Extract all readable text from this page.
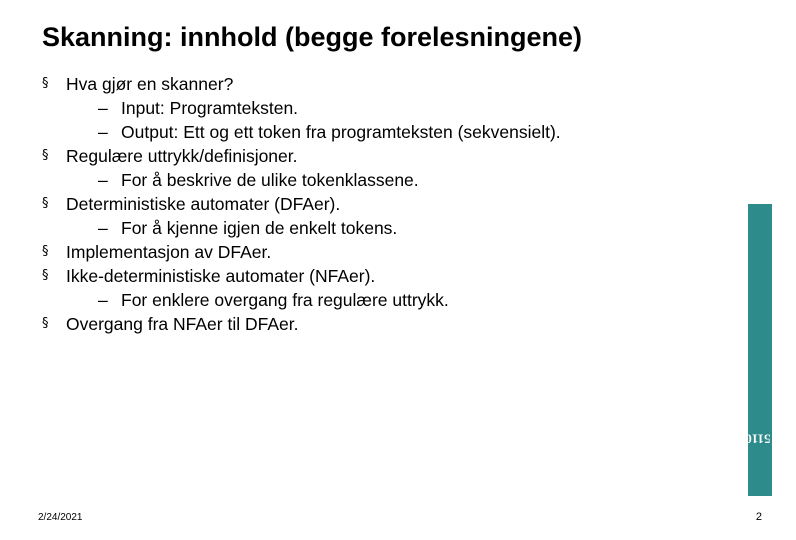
Skanning: innhold (begge forelesningene)
§ Hva gjør en skanner?
– Input: Programteksten.
– Output: Ett og ett token fra programteksten (sekvensielt).
§ Regulære uttrykk/definisjoner.
– For å beskrive de ulike tokenklassene.
§ Deterministiske automater (DFAer).
– For å kjenne igjen de enkelt tokens.
§ Implementasjon av DFAer.
§ Ikke-deterministiske automater (NFAer).
– For enklere overgang fra regulære uttrykk.
§ Overgang fra NFAer til DFAer.
INF 5110 - 2014
2/24/2021	2
